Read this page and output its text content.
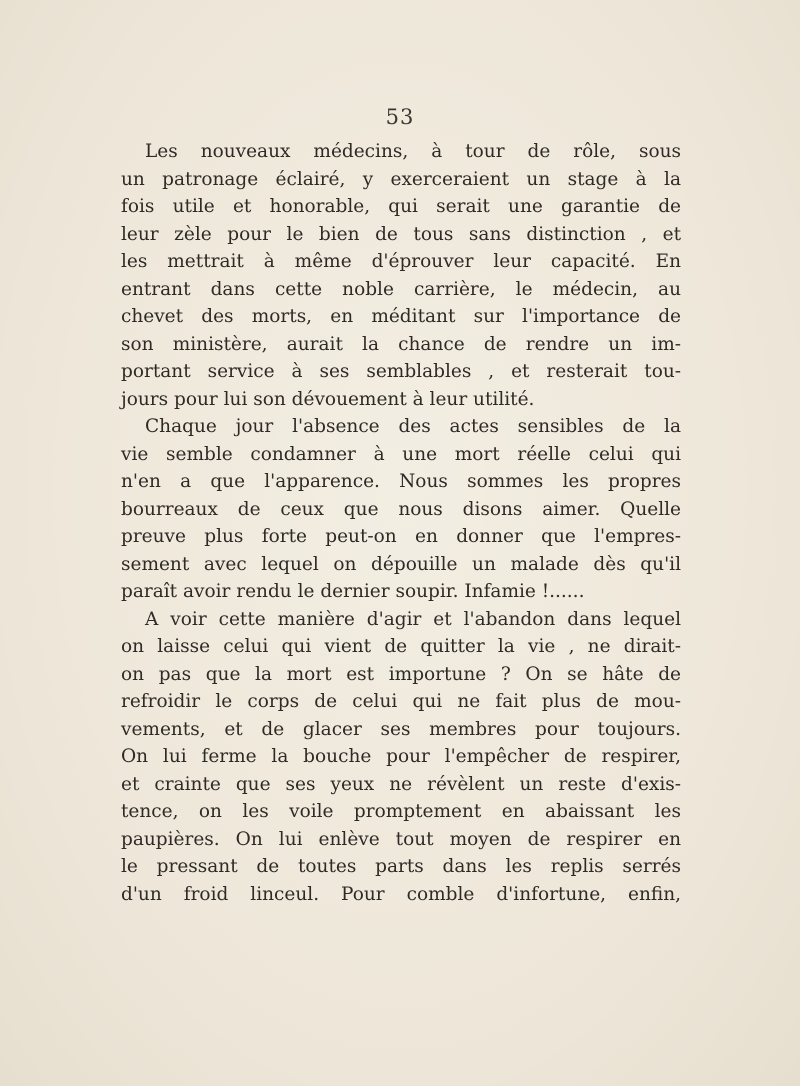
53
Les nouveaux médecins, à tour de rôle, sous
un patronage éclairé, y exerceraient un stage à la
fois utile et honorable, qui serait une garantie de
leur zèle pour le bien de tous sans distinction , et
les mettrait à même d'éprouver leur capacité. En
entrant dans cette noble carrière, le médecin, au
chevet des morts, en méditant sur l'importance de
son ministère, aurait la chance de rendre un im-
portant service à ses semblables , et resterait tou-
jours pour lui son dévouement à leur utilité.
Chaque jour l'absence des actes sensibles de la
vie semble condamner à une mort réelle celui qui
n'en a que l'apparence. Nous sommes les propres
bourreaux de ceux que nous disons aimer. Quelle
preuve plus forte peut-on en donner que l'empres-
sement avec lequel on dépouille un malade dès qu'il
paraît avoir rendu le dernier soupir. Infamie !......
A voir cette manière d'agir et l'abandon dans lequel
on laisse celui qui vient de quitter la vie , ne dirait-
on pas que la mort est importune ? On se hâte de
refroidir le corps de celui qui ne fait plus de mou-
vements, et de glacer ses membres pour toujours.
On lui ferme la bouche pour l'empêcher de respirer,
et crainte que ses yeux ne révèlent un reste d'exis-
tence, on les voile promptement en abaissant les
paupières. On lui enlève tout moyen de respirer en
le pressant de toutes parts dans les replis serrés
d'un froid linceul. Pour comble d'infortune, enfin,
